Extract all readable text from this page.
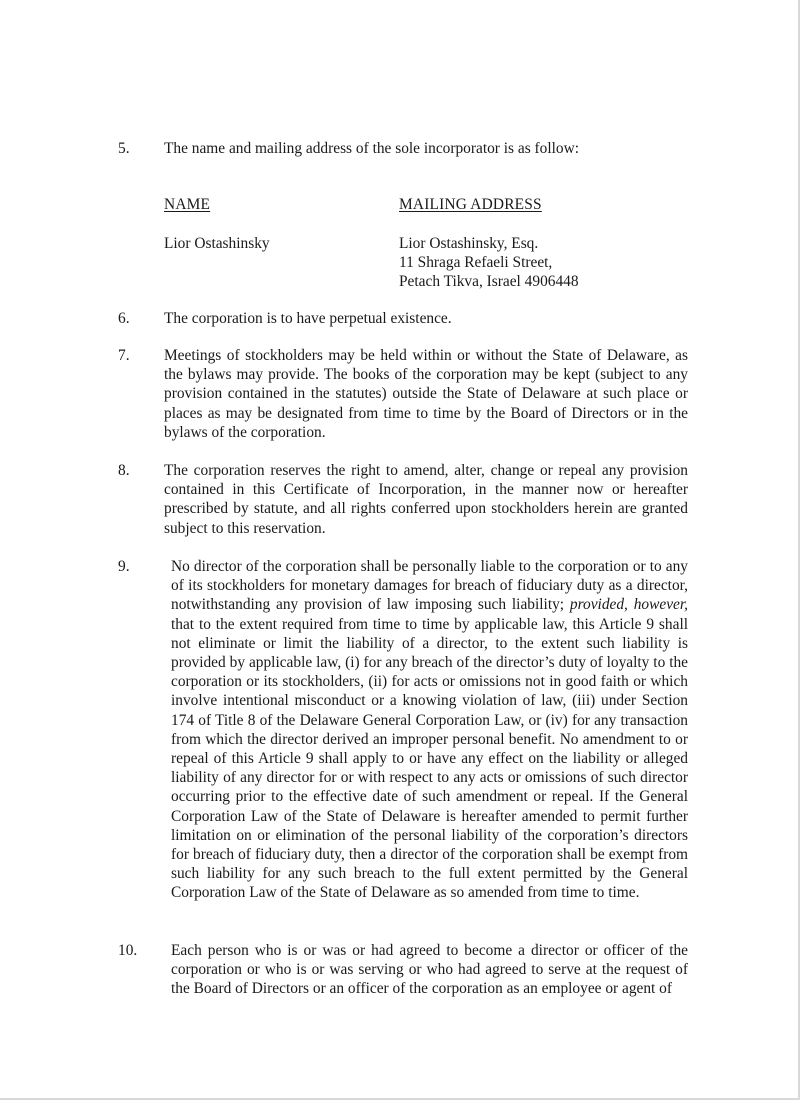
5. The name and mailing address of the sole incorporator is as follow:
NAME	MAILING ADDRESS
Lior Ostashinsky	Lior Ostashinsky, Esq.
11 Shraga Refaeli Street,
Petach Tikva, Israel 4906448
6. The corporation is to have perpetual existence.
7. Meetings of stockholders may be held within or without the State of Delaware, as the bylaws may provide. The books of the corporation may be kept (subject to any provision contained in the statutes) outside the State of Delaware at such place or places as may be designated from time to time by the Board of Directors or in the bylaws of the corporation.
8. The corporation reserves the right to amend, alter, change or repeal any provision contained in this Certificate of Incorporation, in the manner now or hereafter prescribed by statute, and all rights conferred upon stockholders herein are granted subject to this reservation.
9.	No director of the corporation shall be personally liable to the corporation or to any of its stockholders for monetary damages for breach of fiduciary duty as a director, notwithstanding any provision of law imposing such liability; provided, however, that to the extent required from time to time by applicable law, this Article 9 shall not eliminate or limit the liability of a director, to the extent such liability is provided by applicable law, (i) for any breach of the director’s duty of loyalty to the corporation or its stockholders, (ii) for acts or omissions not in good faith or which involve intentional misconduct or a knowing violation of law, (iii) under Section 174 of Title 8 of the Delaware General Corporation Law, or (iv) for any transaction from which the director derived an improper personal benefit. No amendment to or repeal of this Article 9 shall apply to or have any effect on the liability or alleged liability of any director for or with respect to any acts or omissions of such director occurring prior to the effective date of such amendment or repeal. If the General Corporation Law of the State of Delaware is hereafter amended to permit further limitation on or elimination of the personal liability of the corporation’s directors for breach of fiduciary duty, then a director of the corporation shall be exempt from such liability for any such breach to the full extent permitted by the General Corporation Law of the State of Delaware as so amended from time to time.
10. Each person who is or was or had agreed to become a director or officer of the corporation or who is or was serving or who had agreed to serve at the request of the Board of Directors or an officer of the corporation as an employee or agent of
